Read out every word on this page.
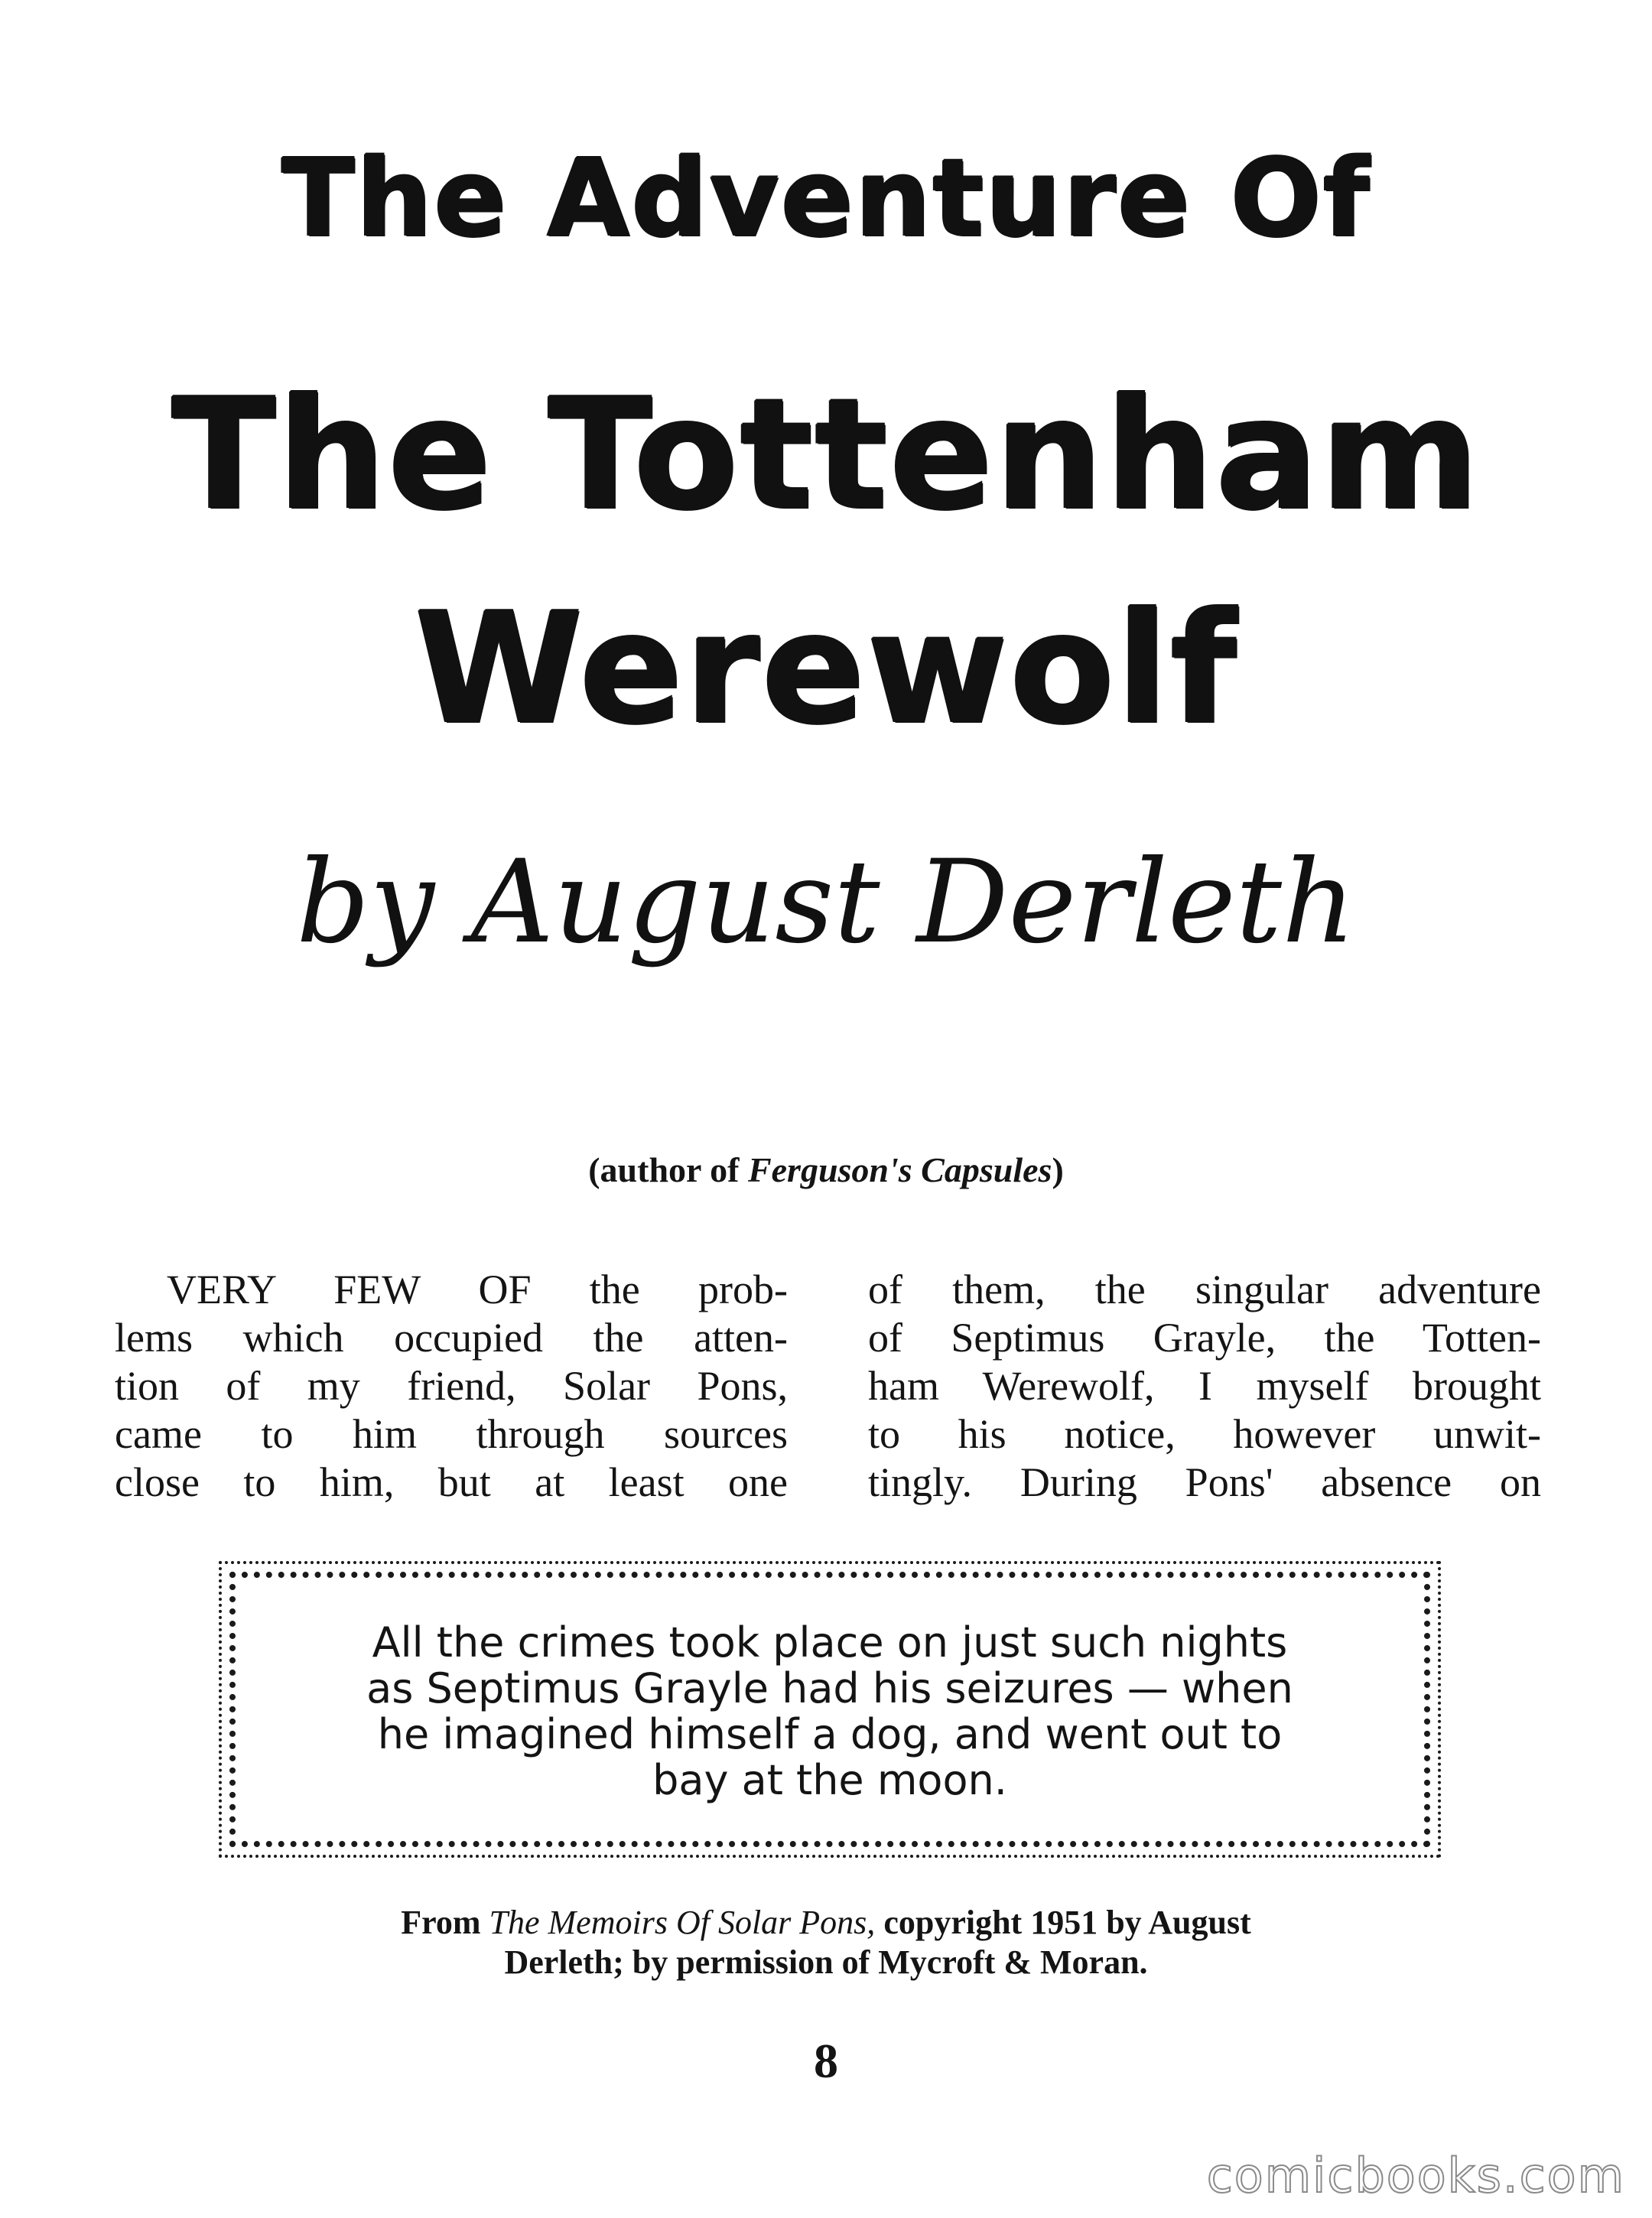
The Adventure Of
The Tottenham
Werewolf
by August Derleth
(author of Ferguson's Capsules)
VERY FEW OF the prob-
lems which occupied the atten-
tion of my friend, Solar Pons,
came to him through sources
close to him, but at least one
of them, the singular adventure
of Septimus Grayle, the Totten-
ham Werewolf, I myself brought
to his notice, however unwit-
tingly. During Pons' absence on
All the crimes took place on just such nights
as Septimus Grayle had his seizures — when
he imagined himself a dog, and went out to
bay at the moon.
From The Memoirs Of Solar Pons, copyright 1951 by August
Derleth; by permission of Mycroft & Moran.
8
comicbooks.com
